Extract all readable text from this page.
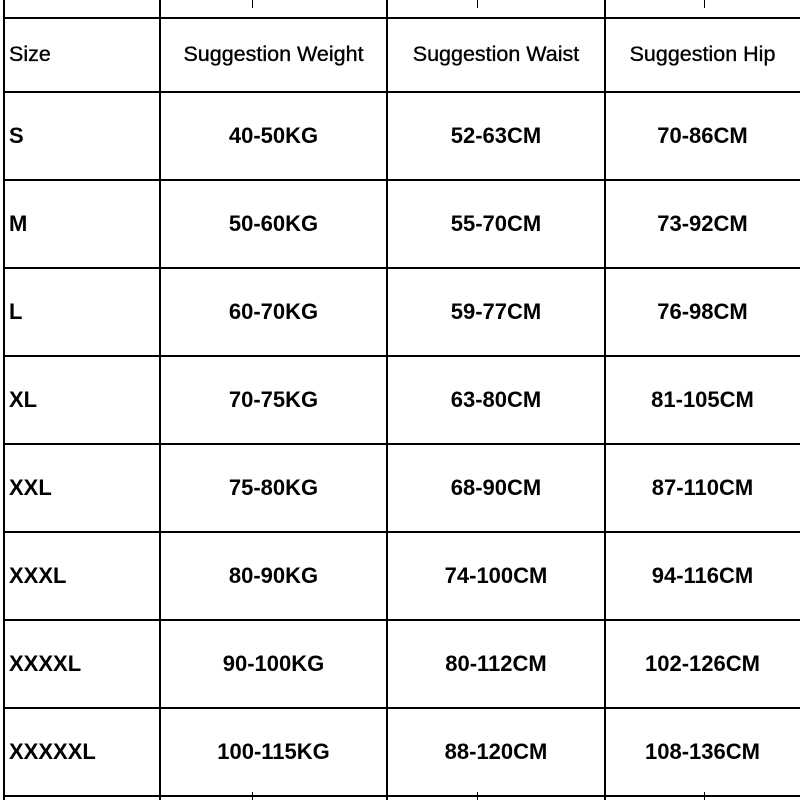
Size	Suggestion Weight	Suggestion Waist	Suggestion Hip
S	40-50KG	52-63CM	70-86CM
M	50-60KG	55-70CM	73-92CM
L	60-70KG	59-77CM	76-98CM
XL	70-75KG	63-80CM	81-105CM
XXL	75-80KG	68-90CM	87-110CM
XXXL	80-90KG	74-100CM	94-116CM
XXXXL	90-100KG	80-112CM	102-126CM
XXXXXL	100-115KG	88-120CM	108-136CM
